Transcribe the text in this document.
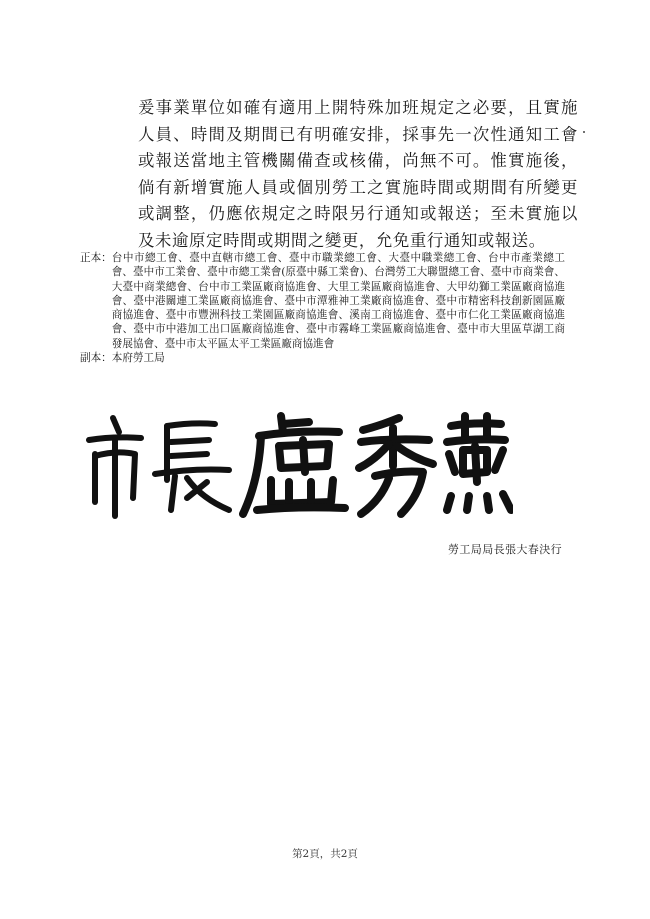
爰事業單位如確有適用上開特殊加班規定之必要，且實施人員、時間及期間已有明確安排，採事先一次性通知工會或報送當地主管機關備查或核備，尚無不可。惟實施後，倘有新增實施人員或個別勞工之實施時間或期間有所變更或調整，仍應依規定之時限另行通知或報送；至未實施以及未逾原定時間或期間之變更，允免重行通知或報送。

正本： 台中市總工會、臺中直轄市總工會、臺中市職業總工會、大臺中職業總工會、台中市產業總工會、臺中市工業會、臺中市總工業會(原臺中縣工業會)、台灣勞工大聯盟總工會、臺中市商業會、大臺中商業總會、台中市工業區廠商協進會、大里工業區廠商協進會、大甲幼獅工業區廠商協進會、臺中港關連工業區廠商協進會、臺中市潭雅神工業廠商協進會、臺中市精密科技創新園區廠商協進會、臺中市豐洲科技工業園區廠商協進會、溪南工商協進會、臺中市仁化工業區廠商協進會、臺中市中港加工出口區廠商協進會、臺中市霧峰工業區廠商協進會、臺中市大里區草湖工商發展協會、臺中市太平區太平工業區廠商協進會
副本： 本府勞工局
勞工局局長張大春決行
第2頁，共2頁
